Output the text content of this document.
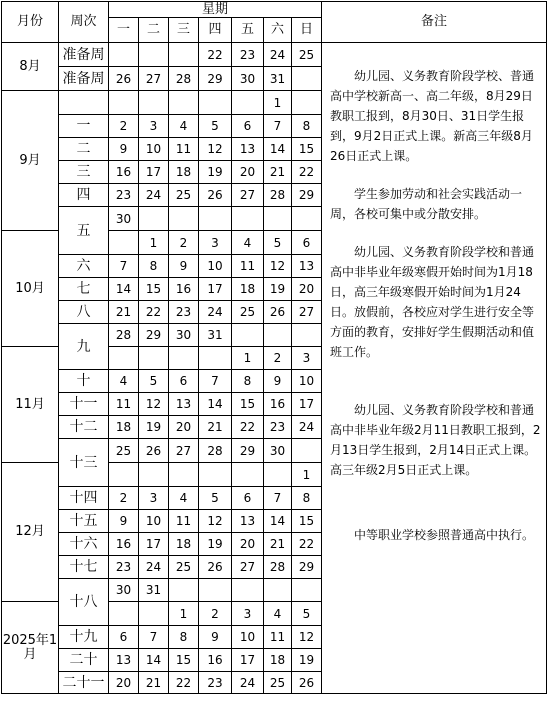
月份	周次	星期							备注
		一	二	三	四	五	六	日	
8月	准备周				22	23	24	25	幼儿园、义务教育阶段学校、普通高中学校新高一、高二年级，8月29日教职工报到，8月30日、31日学生报到，9月2日正式上课。新高三年级8月26日正式上课。

学生参加劳动和社会实践活动一周，各校可集中或分散安排。

幼儿园、义务教育阶段学校和普通高中非毕业年级寒假开始时间为1月18日，高三年级寒假开始时间为1月24日。放假前，各校应对学生进行安全等方面的教育，安排好学生假期活动和值班工作。

幼儿园、义务教育阶段学校和普通高中非毕业年级2月11日教职工报到，2月13日学生报到，2月14日正式上课。高三年级2月5日正式上课。

中等职业学校参照普通高中执行。

	准备周	26	27	28	29	30	31		
9月							1		
	一	2	3	4	5	6	7	8	
	二	9	10	11	12	13	14	15	
	三	16	17	18	19	20	21	22	
	四	23	24	25	26	27	28	29	
	五	30							
10月			1	2	3	4	5	6	
	六	7	8	9	10	11	12	13	
	七	14	15	16	17	18	19	20	
	八	21	22	23	24	25	26	27	
	九	28	29	30	31				
11月						1	2	3	
	十	4	5	6	7	8	9	10	
	十一	11	12	13	14	15	16	17	
	十二	18	19	20	21	22	23	24	
	十三	25	26	27	28	29	30		
12月								1	
	十四	2	3	4	5	6	7	8	
	十五	9	10	11	12	13	14	15	
	十六	16	17	18	19	20	21	22	
	十七	23	24	25	26	27	28	29	
	十八	30	31						
2025年1月				1	2	3	4	5	
	十九	6	7	8	9	10	11	12	
	二十	13	14	15	16	17	18	19	
	二十一	20	21	22	23	24	25	26	
